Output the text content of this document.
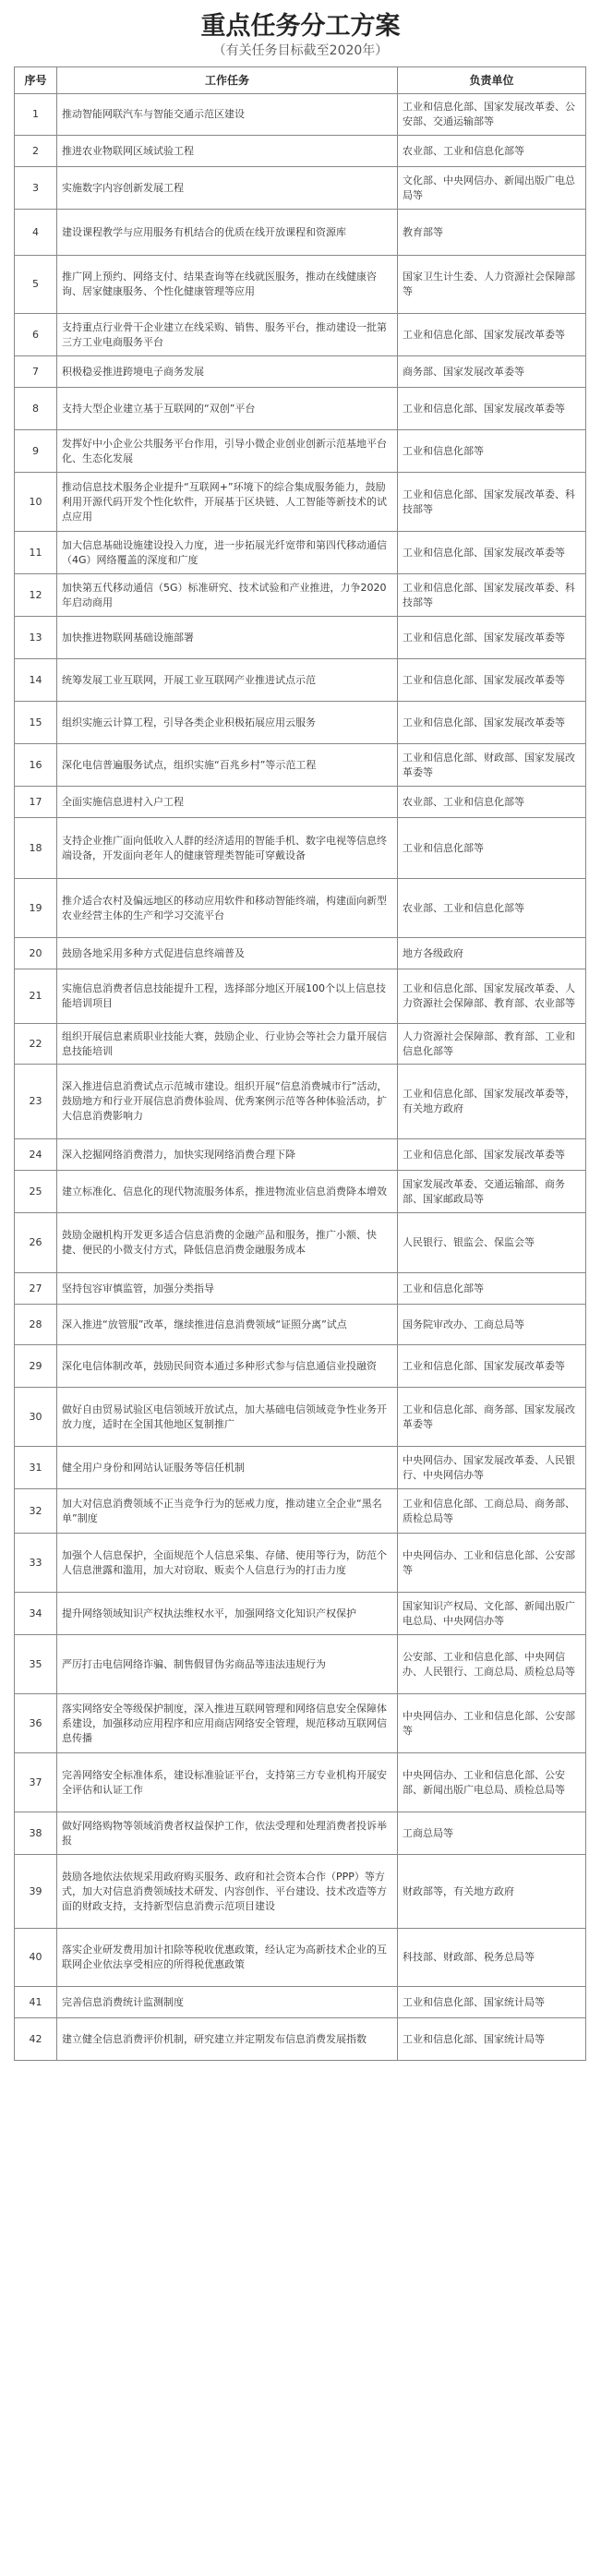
重点任务分工方案
（有关任务目标截至2020年）
序号	工作任务	负责单位
1	推动智能网联汽车与智能交通示范区建设	工业和信息化部、国家发展改革委、公安部、交通运输部等
2	推进农业物联网区域试验工程	农业部、工业和信息化部等
3	实施数字内容创新发展工程	文化部、中央网信办、新闻出版广电总局等
4	建设课程教学与应用服务有机结合的优质在线开放课程和资源库	教育部等
5	推广网上预约、网络支付、结果查询等在线就医服务，推动在线健康咨询、居家健康服务、个性化健康管理等应用	国家卫生计生委、人力资源社会保障部等
6	支持重点行业骨干企业建立在线采购、销售、服务平台，推动建设一批第三方工业电商服务平台	工业和信息化部、国家发展改革委等
7	积极稳妥推进跨境电子商务发展	商务部、国家发展改革委等
8	支持大型企业建立基于互联网的“双创”平台	工业和信息化部、国家发展改革委等
9	发挥好中小企业公共服务平台作用，引导小微企业创业创新示范基地平台化、生态化发展	工业和信息化部等
10	推动信息技术服务企业提升“互联网+”环境下的综合集成服务能力，鼓励利用开源代码开发个性化软件，开展基于区块链、人工智能等新技术的试点应用	工业和信息化部、国家发展改革委、科技部等
11	加大信息基础设施建设投入力度，进一步拓展光纤宽带和第四代移动通信（4G）网络覆盖的深度和广度	工业和信息化部、国家发展改革委等
12	加快第五代移动通信（5G）标准研究、技术试验和产业推进，力争2020年启动商用	工业和信息化部、国家发展改革委、科技部等
13	加快推进物联网基础设施部署	工业和信息化部、国家发展改革委等
14	统筹发展工业互联网，开展工业互联网产业推进试点示范	工业和信息化部、国家发展改革委等
15	组织实施云计算工程，引导各类企业积极拓展应用云服务	工业和信息化部、国家发展改革委等
16	深化电信普遍服务试点，组织实施“百兆乡村”等示范工程	工业和信息化部、财政部、国家发展改革委等
17	全面实施信息进村入户工程	农业部、工业和信息化部等
18	支持企业推广面向低收入人群的经济适用的智能手机、数字电视等信息终端设备，开发面向老年人的健康管理类智能可穿戴设备	工业和信息化部等
19	推介适合农村及偏远地区的移动应用软件和移动智能终端，构建面向新型农业经营主体的生产和学习交流平台	农业部、工业和信息化部等
20	鼓励各地采用多种方式促进信息终端普及	地方各级政府
21	实施信息消费者信息技能提升工程，选择部分地区开展100个以上信息技能培训项目	工业和信息化部、国家发展改革委、人力资源社会保障部、教育部、农业部等
22	组织开展信息素质职业技能大赛，鼓励企业、行业协会等社会力量开展信息技能培训	人力资源社会保障部、教育部、工业和信息化部等
23	深入推进信息消费试点示范城市建设。组织开展“信息消费城市行”活动，鼓励地方和行业开展信息消费体验周、优秀案例示范等各种体验活动，扩大信息消费影响力	工业和信息化部、国家发展改革委等，有关地方政府
24	深入挖掘网络消费潜力，加快实现网络消费合理下降	工业和信息化部、国家发展改革委等
25	建立标准化、信息化的现代物流服务体系，推进物流业信息消费降本增效	国家发展改革委、交通运输部、商务部、国家邮政局等
26	鼓励金融机构开发更多适合信息消费的金融产品和服务，推广小额、快捷、便民的小微支付方式，降低信息消费金融服务成本	人民银行、银监会、保监会等
27	坚持包容审慎监管，加强分类指导	工业和信息化部等
28	深入推进“放管服”改革，继续推进信息消费领域“证照分离”试点	国务院审改办、工商总局等
29	深化电信体制改革，鼓励民间资本通过多种形式参与信息通信业投融资	工业和信息化部、国家发展改革委等
30	做好自由贸易试验区电信领域开放试点，加大基础电信领域竞争性业务开放力度，适时在全国其他地区复制推广	工业和信息化部、商务部、国家发展改革委等
31	健全用户身份和网站认证服务等信任机制	中央网信办、国家发展改革委、人民银行、中央网信办等
32	加大对信息消费领域不正当竞争行为的惩戒力度，推动建立全企业“黑名单”制度	工业和信息化部、工商总局、商务部、质检总局等
33	加强个人信息保护，全面规范个人信息采集、存储、使用等行为，防范个人信息泄露和滥用，加大对窃取、贩卖个人信息行为的打击力度	中央网信办、工业和信息化部、公安部等
34	提升网络领域知识产权执法维权水平，加强网络文化知识产权保护	国家知识产权局、文化部、新闻出版广电总局、中央网信办等
35	严厉打击电信网络诈骗、制售假冒伪劣商品等违法违规行为	公安部、工业和信息化部、中央网信办、人民银行、工商总局、质检总局等
36	落实网络安全等级保护制度，深入推进互联网管理和网络信息安全保障体系建设，加强移动应用程序和应用商店网络安全管理，规范移动互联网信息传播	中央网信办、工业和信息化部、公安部等
37	完善网络安全标准体系，建设标准验证平台，支持第三方专业机构开展安全评估和认证工作	中央网信办、工业和信息化部、公安部、新闻出版广电总局、质检总局等
38	做好网络购物等领域消费者权益保护工作，依法受理和处理消费者投诉举报	工商总局等
39	鼓励各地依法依规采用政府购买服务、政府和社会资本合作（PPP）等方式，加大对信息消费领域技术研发、内容创作、平台建设、技术改造等方面的财政支持，支持新型信息消费示范项目建设	财政部等，有关地方政府
40	落实企业研发费用加计扣除等税收优惠政策，经认定为高新技术企业的互联网企业依法享受相应的所得税优惠政策	科技部、财政部、税务总局等
41	完善信息消费统计监测制度	工业和信息化部、国家统计局等
42	建立健全信息消费评价机制，研究建立并定期发布信息消费发展指数	工业和信息化部、国家统计局等
